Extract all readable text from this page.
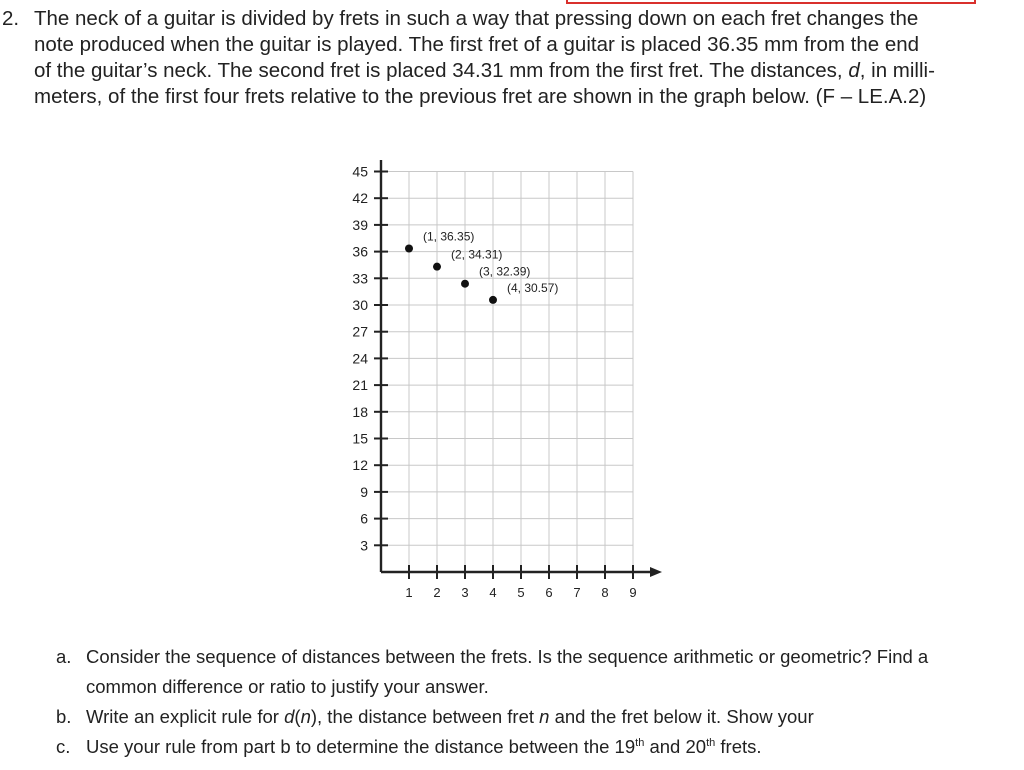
2. The neck of a guitar is divided by frets in such a way that pressing down on each fret changes the
note produced when the guitar is played. The first fret of a guitar is placed 36.35 mm from the end
of the guitar’s neck. The second fret is placed 34.31 mm from the first fret. The distances, d, in milli-
meters, of the first four frets relative to the previous fret are shown in the graph below. (F – LE.A.2)
3
6
9
12
15
18
21
24
27
30
33
36
39
42
45
1 2 3 4 5 6 7 8 9
(1, 36.35)
(2, 34.31)
(3, 32.39)
(4, 30.57)
a. Consider the sequence of distances between the frets. Is the sequence arithmetic or geometric? Find a
common difference or ratio to justify your answer.
b. Write an explicit rule for d(n), the distance between fret n and the fret below it. Show your
c. Use your rule from part b to determine the distance between the 19th and 20th frets.
